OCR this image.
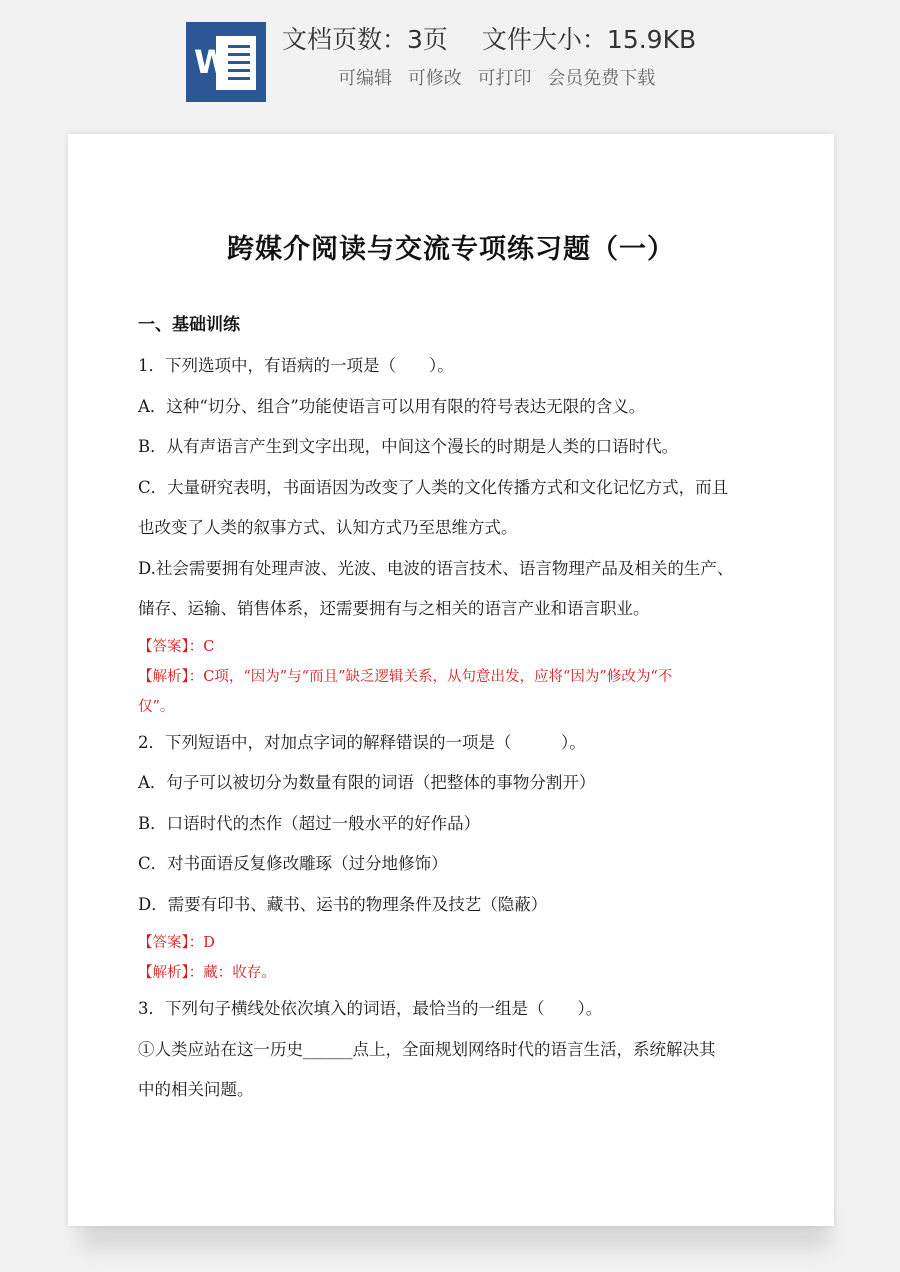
W
文档页数：3页 文件大小：15.9KB
可编辑 可修改 可打印 会员免费下载
跨媒介阅读与交流专项练习题（一）
一、基础训练
1．下列选项中，有语病的一项是（　　）。
A．这种“切分、组合”功能使语言可以用有限的符号表达无限的含义。
B．从有声语言产生到文字出现，中间这个漫长的时期是人类的口语时代。
C．大量研究表明，书面语因为改变了人类的文化传播方式和文化记忆方式，而且
也改变了人类的叙事方式、认知方式乃至思维方式。
D.社会需要拥有处理声波、光波、电波的语言技术、语言物理产品及相关的生产、
储存、运输、销售体系，还需要拥有与之相关的语言产业和语言职业。
【答案】：C
【解析】：C项，“因为”与“而且”缺乏逻辑关系，从句意出发，应将“因为”修改为“不
仅”。
2．下列短语中，对加点字词的解释错误的一项是（　　　）。
A．句子可以被切分为数量有限的词语（把整体的事物分割开）
B．口语时代的杰作（超过一般水平的好作品）
C．对书面语反复修改雕琢（过分地修饰）
D．需要有印书、藏书、运书的物理条件及技艺（隐蔽）
【答案】：D
【解析】：藏：收存。
3．下列句子横线处依次填入的词语，最恰当的一组是（　　）。
①人类应站在这一历史______点上，全面规划网络时代的语言生活，系统解决其
中的相关问题。
